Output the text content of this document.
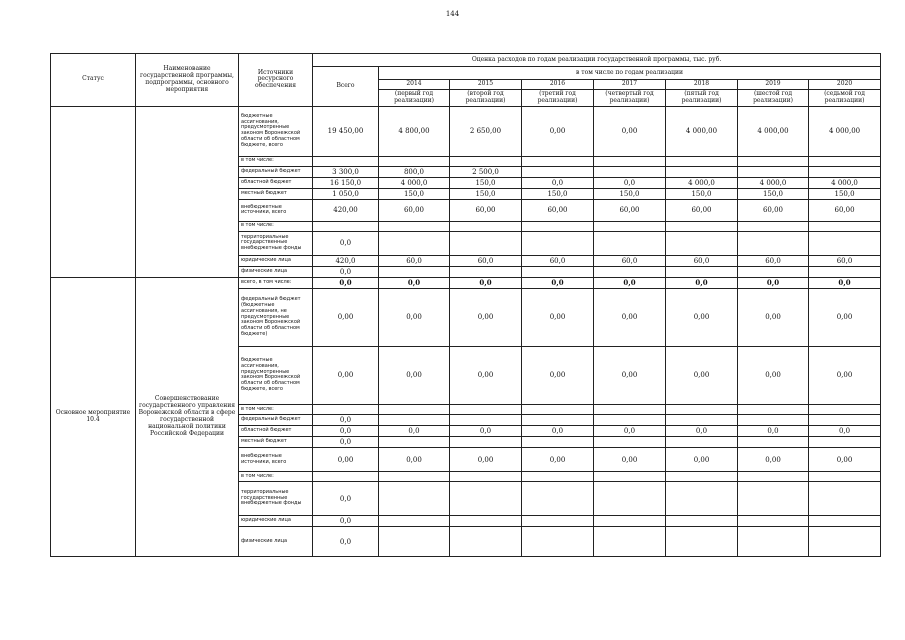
144
Статус	Наименование государственной программы, подпрограммы, основного мероприятия	Источники ресурсного обеспечения	Оценка расходов по годам реализации государственной программы, тыс. руб.							
			Всего	в том числе по годам реализации						
				2014	2015	2016	2017	2018	2019	2020
				(первый год реализации)	(второй год реализации)	(третий год реализации)	(четвертый год реализации)	(пятый год реализации)	(шестой год реализации)	(седьмой год реализации)
		бюджетные ассигнования, предусмотренные законом Воронежской области об областном бюджете, всего	19 450,00	4 800,00	2 650,00	0,00	0,00	4 000,00	4 000,00	4 000,00
		в том числе:								
		федеральный бюджет	3 300,0	800,0	2 500,0					
		областной бюджет	16 150,0	4 000,0	150,0	0,0	0,0	4 000,0	4 000,0	4 000,0
		местный бюджет	1 050,0	150,0	150,0	150,0	150,0	150,0	150,0	150,0
		внебюджетные источники, всего	420,00	60,00	60,00	60,00	60,00	60,00	60,00	60,00
		в том числе:								
		территориальные государственные внебюджетные фонды	0,0							
		юридические лица	420,0	60,0	60,0	60,0	60,0	60,0	60,0	60,0
		физические лица	0,0							
Основное мероприятие 10.4	Совершенствование государственного управления Воронежской области в сфере государственной национальной политики Российской Федерации	всего, в том числе:	0,0	0,0	0,0	0,0	0,0	0,0	0,0	0,0
		федеральный бюджет (бюджетные ассигнования, не предусмотренные законом Воронежской области об областном бюджете)	0,00	0,00	0,00	0,00	0,00	0,00	0,00	0,00
		бюджетные ассигнования, предусмотренные законом Воронежской области об областном бюджете, всего	0,00	0,00	0,00	0,00	0,00	0,00	0,00	0,00
		в том числе:								
		федеральный бюджет	0,0							
		областной бюджет	0,0	0,0	0,0	0,0	0,0	0,0	0,0	0,0
		местный бюджет	0,0							
		внебюджетные источники, всего	0,00	0,00	0,00	0,00	0,00	0,00	0,00	0,00
		в том числе:								
		территориальные государственные внебюджетные фонды	0,0							
		юридические лица	0,0							
		физические лица	0,0							
